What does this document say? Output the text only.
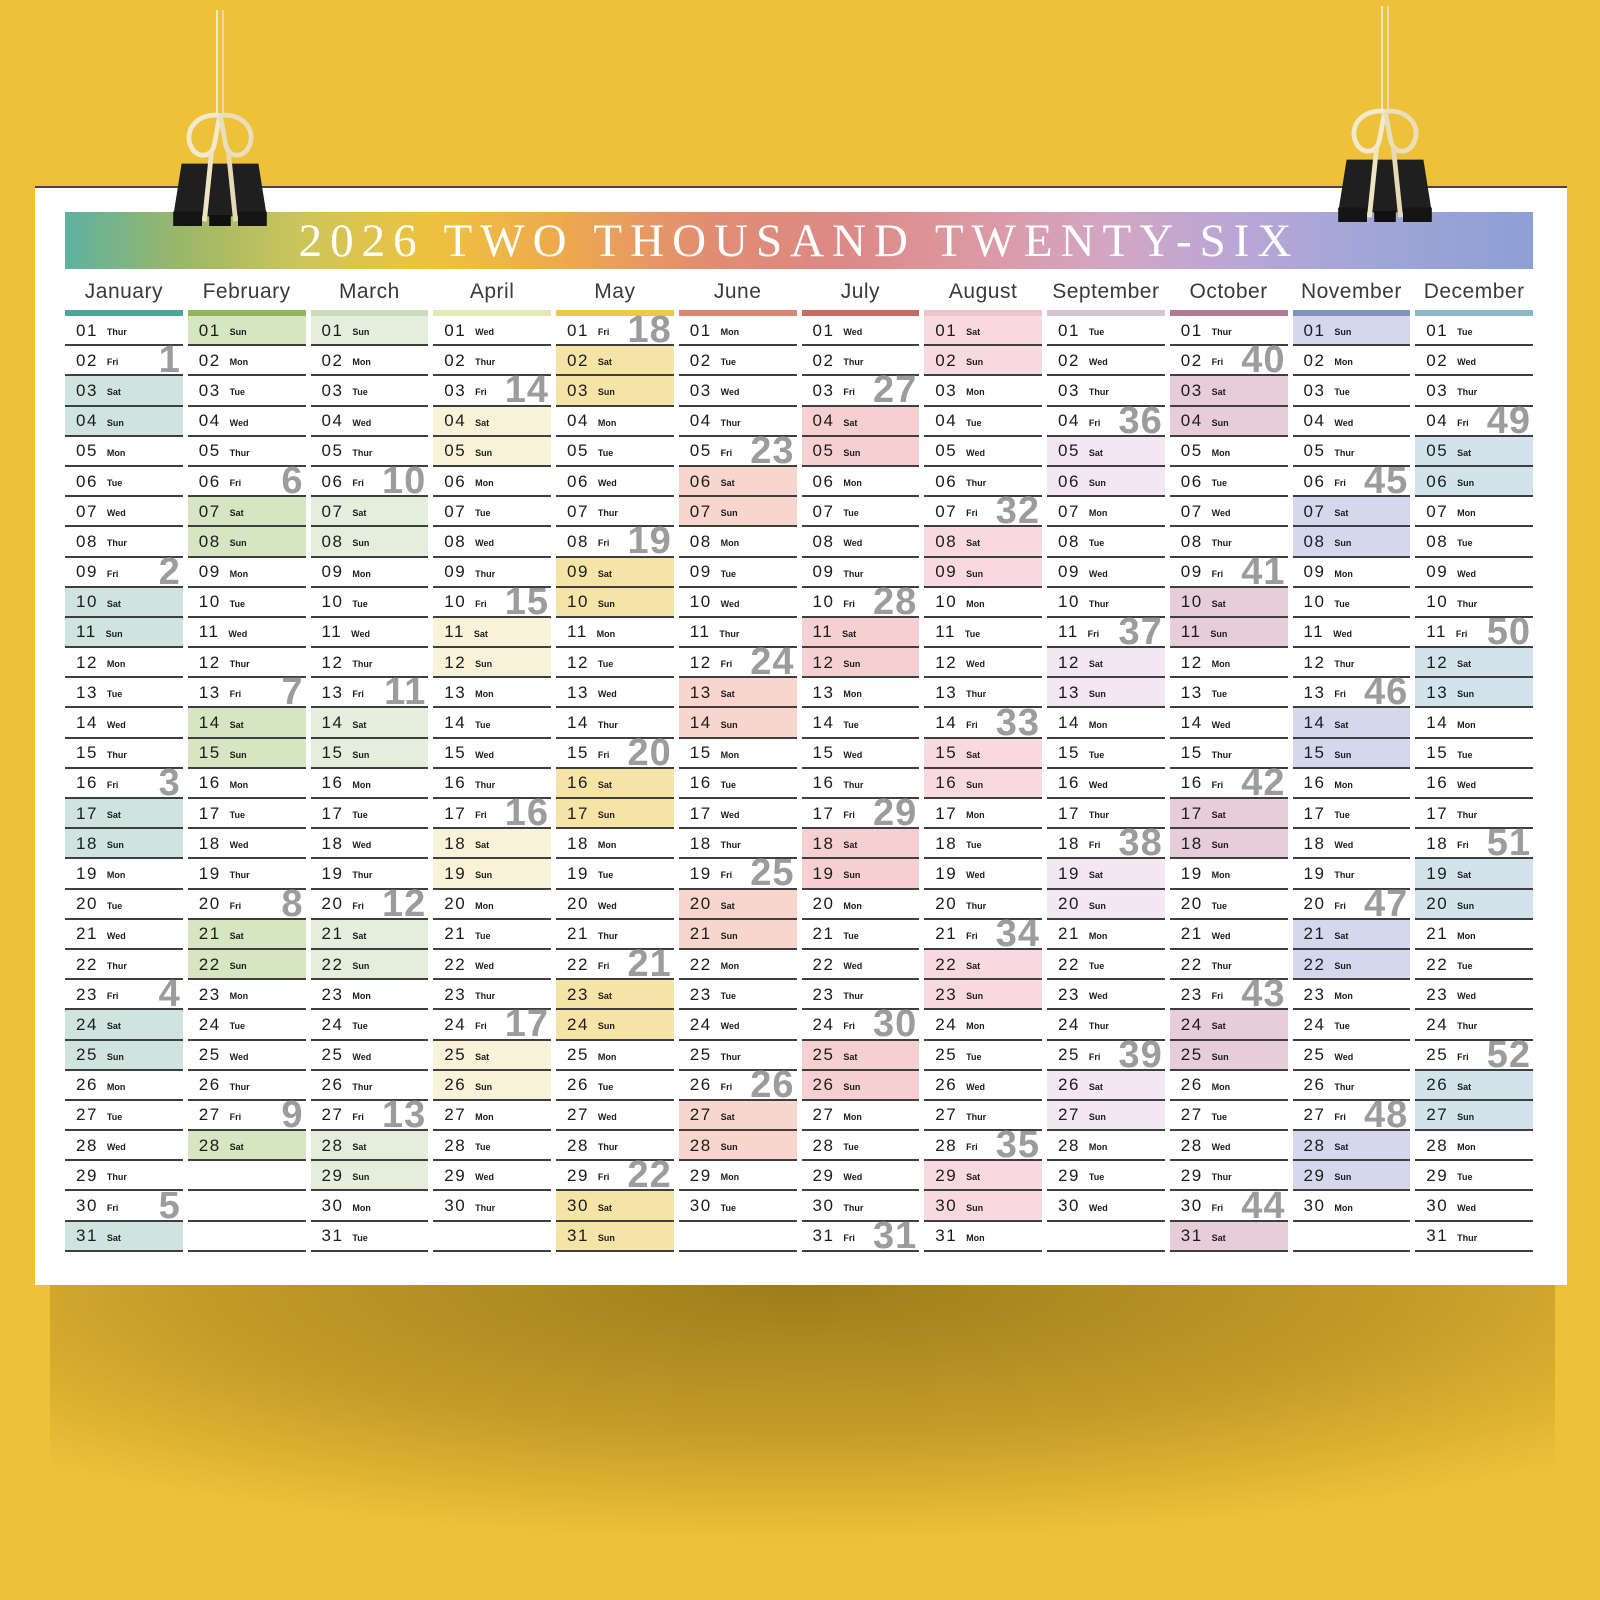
2026 TWO THOUSAND TWENTY-SIX
January
01 Thur
02 Fri 1
03 Sat
04 Sun
05 Mon
06 Tue
07 Wed
08 Thur
09 Fri 2
10 Sat
11 Sun
12 Mon
13 Tue
14 Wed
15 Thur
16 Fri 3
17 Sat
18 Sun
19 Mon
20 Tue
21 Wed
22 Thur
23 Fri 4
24 Sat
25 Sun
26 Mon
27 Tue
28 Wed
29 Thur
30 Fri 5
31 Sat
February
01 Sun
02 Mon
03 Tue
04 Wed
05 Thur
06 Fri 6
07 Sat
08 Sun
09 Mon
10 Tue
11 Wed
12 Thur
13 Fri 7
14 Sat
15 Sun
16 Mon
17 Tue
18 Wed
19 Thur
20 Fri 8
21 Sat
22 Sun
23 Mon
24 Tue
25 Wed
26 Thur
27 Fri 9
28 Sat
March
01 Sun
02 Mon
03 Tue
04 Wed
05 Thur
06 Fri 10
07 Sat
08 Sun
09 Mon
10 Tue
11 Wed
12 Thur
13 Fri 11
14 Sat
15 Sun
16 Mon
17 Tue
18 Wed
19 Thur
20 Fri 12
21 Sat
22 Sun
23 Mon
24 Tue
25 Wed
26 Thur
27 Fri 13
28 Sat
29 Sun
30 Mon
31 Tue
April
01 Wed
02 Thur
03 Fri 14
04 Sat
05 Sun
06 Mon
07 Tue
08 Wed
09 Thur
10 Fri 15
11 Sat
12 Sun
13 Mon
14 Tue
15 Wed
16 Thur
17 Fri 16
18 Sat
19 Sun
20 Mon
21 Tue
22 Wed
23 Thur
24 Fri 17
25 Sat
26 Sun
27 Mon
28 Tue
29 Wed
30 Thur
May
01 Fri 18
02 Sat
03 Sun
04 Mon
05 Tue
06 Wed
07 Thur
08 Fri 19
09 Sat
10 Sun
11 Mon
12 Tue
13 Wed
14 Thur
15 Fri 20
16 Sat
17 Sun
18 Mon
19 Tue
20 Wed
21 Thur
22 Fri 21
23 Sat
24 Sun
25 Mon
26 Tue
27 Wed
28 Thur
29 Fri 22
30 Sat
31 Sun
June
01 Mon
02 Tue
03 Wed
04 Thur
05 Fri 23
06 Sat
07 Sun
08 Mon
09 Tue
10 Wed
11 Thur
12 Fri 24
13 Sat
14 Sun
15 Mon
16 Tue
17 Wed
18 Thur
19 Fri 25
20 Sat
21 Sun
22 Mon
23 Tue
24 Wed
25 Thur
26 Fri 26
27 Sat
28 Sun
29 Mon
30 Tue
July
01 Wed
02 Thur
03 Fri 27
04 Sat
05 Sun
06 Mon
07 Tue
08 Wed
09 Thur
10 Fri 28
11 Sat
12 Sun
13 Mon
14 Tue
15 Wed
16 Thur
17 Fri 29
18 Sat
19 Sun
20 Mon
21 Tue
22 Wed
23 Thur
24 Fri 30
25 Sat
26 Sun
27 Mon
28 Tue
29 Wed
30 Thur
31 Fri 31
August
01 Sat
02 Sun
03 Mon
04 Tue
05 Wed
06 Thur
07 Fri 32
08 Sat
09 Sun
10 Mon
11 Tue
12 Wed
13 Thur
14 Fri 33
15 Sat
16 Sun
17 Mon
18 Tue
19 Wed
20 Thur
21 Fri 34
22 Sat
23 Sun
24 Mon
25 Tue
26 Wed
27 Thur
28 Fri 35
29 Sat
30 Sun
31 Mon
September
01 Tue
02 Wed
03 Thur
04 Fri 36
05 Sat
06 Sun
07 Mon
08 Tue
09 Wed
10 Thur
11 Fri 37
12 Sat
13 Sun
14 Mon
15 Tue
16 Wed
17 Thur
18 Fri 38
19 Sat
20 Sun
21 Mon
22 Tue
23 Wed
24 Thur
25 Fri 39
26 Sat
27 Sun
28 Mon
29 Tue
30 Wed
October
01 Thur
02 Fri 40
03 Sat
04 Sun
05 Mon
06 Tue
07 Wed
08 Thur
09 Fri 41
10 Sat
11 Sun
12 Mon
13 Tue
14 Wed
15 Thur
16 Fri 42
17 Sat
18 Sun
19 Mon
20 Tue
21 Wed
22 Thur
23 Fri 43
24 Sat
25 Sun
26 Mon
27 Tue
28 Wed
29 Thur
30 Fri 44
31 Sat
November
01 Sun
02 Mon
03 Tue
04 Wed
05 Thur
06 Fri 45
07 Sat
08 Sun
09 Mon
10 Tue
11 Wed
12 Thur
13 Fri 46
14 Sat
15 Sun
16 Mon
17 Tue
18 Wed
19 Thur
20 Fri 47
21 Sat
22 Sun
23 Mon
24 Tue
25 Wed
26 Thur
27 Fri 48
28 Sat
29 Sun
30 Mon
December
01 Tue
02 Wed
03 Thur
04 Fri 49
05 Sat
06 Sun
07 Mon
08 Tue
09 Wed
10 Thur
11 Fri 50
12 Sat
13 Sun
14 Mon
15 Tue
16 Wed
17 Thur
18 Fri 51
19 Sat
20 Sun
21 Mon
22 Tue
23 Wed
24 Thur
25 Fri 52
26 Sat
27 Sun
28 Mon
29 Tue
30 Wed
31 Thur
